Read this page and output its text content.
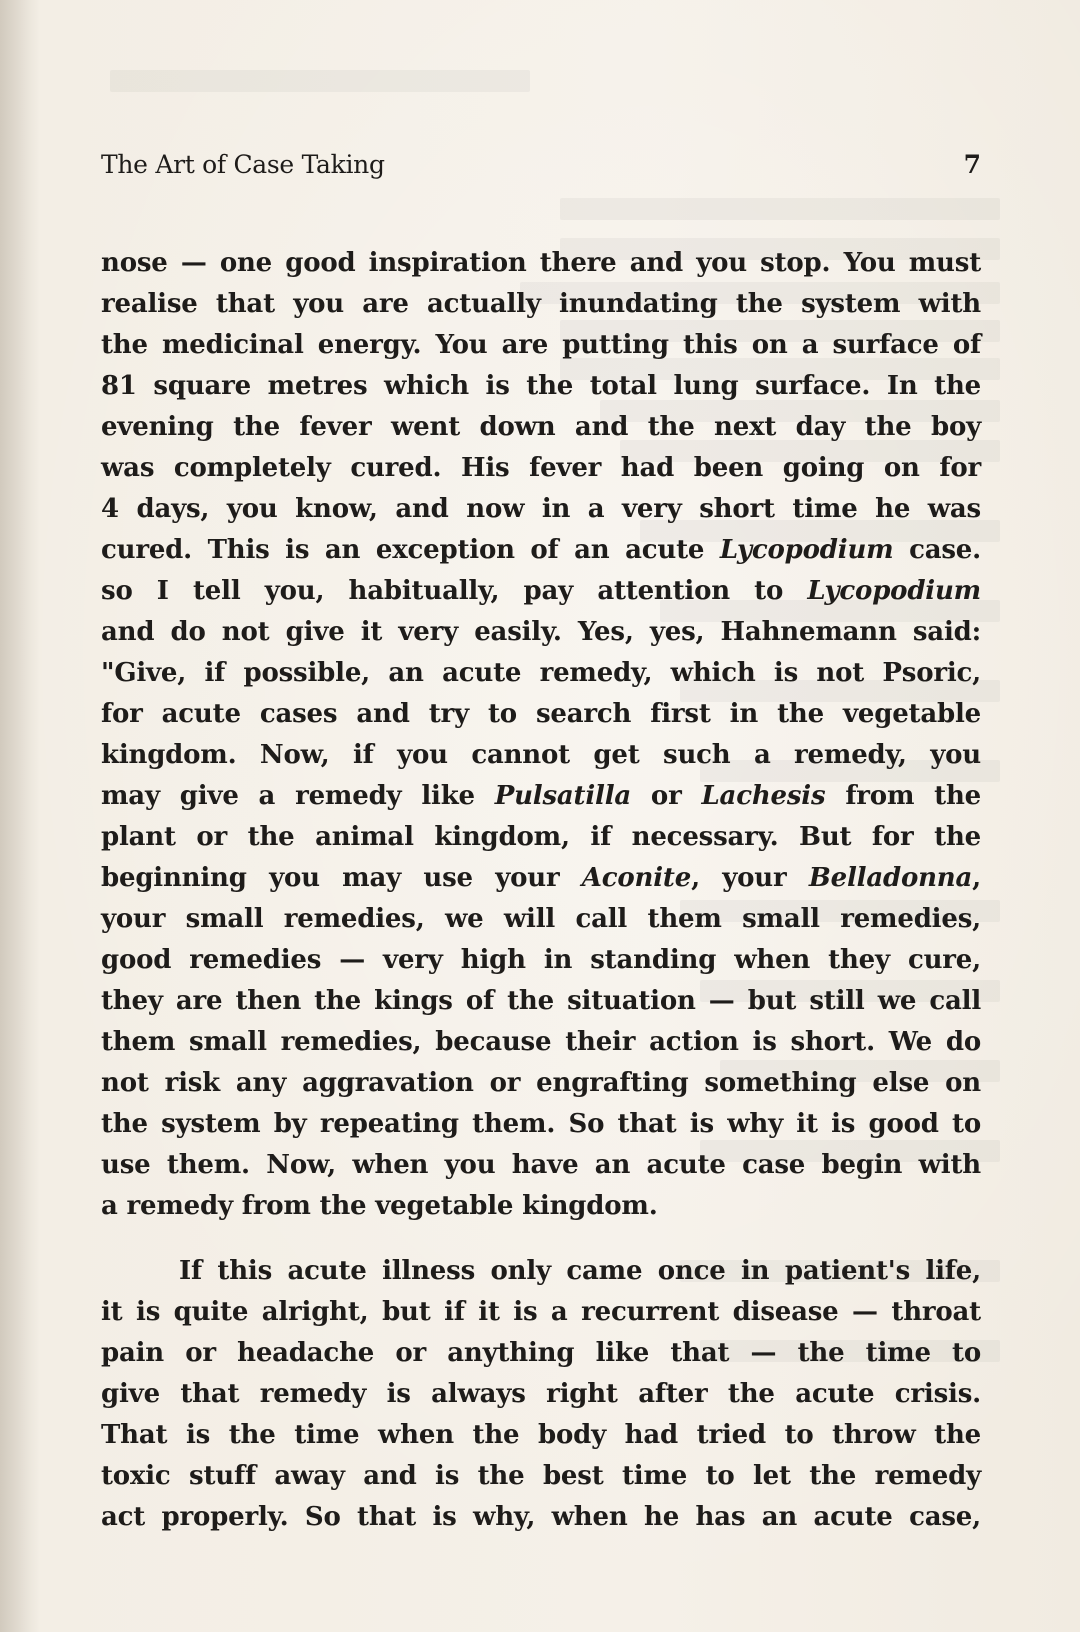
The Art of Case Taking	7
nose — one good inspiration there and you stop. You must
realise that you are actually inundating the system with
the medicinal energy. You are putting this on a surface of
81 square metres which is the total lung surface. In the
evening the fever went down and the next day the boy
was completely cured. His fever had been going on for
4 days, you know, and now in a very short time he was
cured. This is an exception of an acute Lycopodium case.
so I tell you, habitually, pay attention to Lycopodium
and do not give it very easily. Yes, yes, Hahnemann said:
"Give, if possible, an acute remedy, which is not Psoric,
for acute cases and try to search first in the vegetable
kingdom. Now, if you cannot get such a remedy, you
may give a remedy like Pulsatilla or Lachesis from the
plant or the animal kingdom, if necessary. But for the
beginning you may use your Aconite, your Belladonna,
your small remedies, we will call them small remedies,
good remedies — very high in standing when they cure,
they are then the kings of the situation — but still we call
them small remedies, because their action is short. We do
not risk any aggravation or engrafting something else on
the system by repeating them. So that is why it is good to
use them. Now, when you have an acute case begin with
a remedy from the vegetable kingdom.
If this acute illness only came once in patient's life,
it is quite alright, but if it is a recurrent disease — throat
pain or headache or anything like that — the time to
give that remedy is always right after the acute crisis.
That is the time when the body had tried to throw the
toxic stuff away and is the best time to let the remedy
act properly. So that is why, when he has an acute case,
